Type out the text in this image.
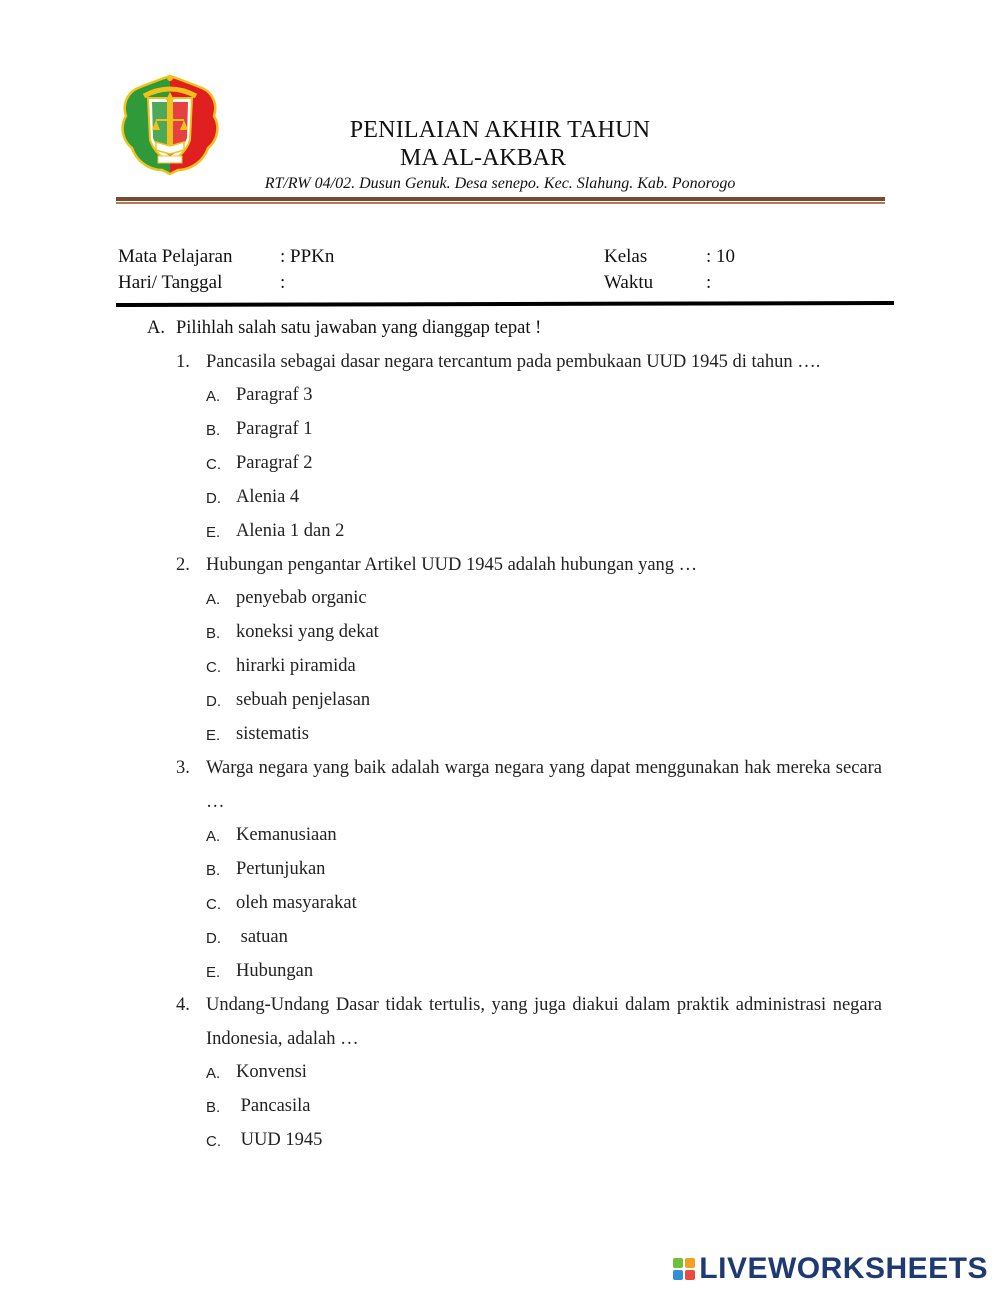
PENILAIAN AKHIR TAHUN
MA AL-AKBAR
RT/RW 04/02. Dusun Genuk. Desa senepo. Kec. Slahung. Kab. Ponorogo
Mata Pelajaran	: PPKn	Kelas	: 10
Hari/ Tanggal	:	Waktu	:
A. Pilihlah salah satu jawaban yang dianggap tepat !
1. Pancasila sebagai dasar negara tercantum pada pembukaan UUD 1945 di tahun ….
A. Paragraf 3
B. Paragraf 1
C. Paragraf 2
D. Alenia 4
E. Alenia 1 dan 2
2. Hubungan pengantar Artikel UUD 1945 adalah hubungan yang …
A. penyebab organic
B. koneksi yang dekat
C. hirarki piramida
D. sebuah penjelasan
E. sistematis
3. Warga negara yang baik adalah warga negara yang dapat menggunakan hak mereka secara …
A. Kemanusiaan
B. Pertunjukan
C. oleh masyarakat
D. satuan
E. Hubungan
4. Undang-Undang Dasar tidak tertulis, yang juga diakui dalam praktik administrasi negara Indonesia, adalah …
A. Konvensi
B. Pancasila
C. UUD 1945
LIVEWORKSHEETS
